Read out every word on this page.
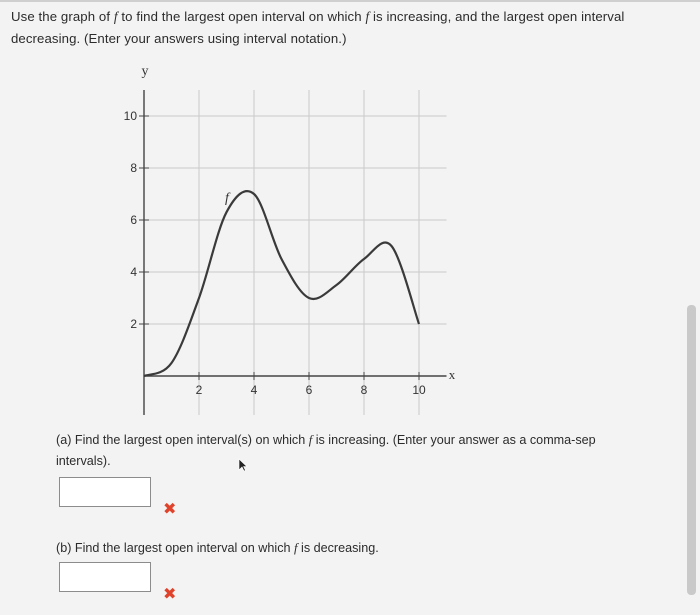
Use the graph of f to find the largest open interval on which f is increasing, and the largest open interval
decreasing. (Enter your answers using interval notation.)
y
x
2
4
6
8
10
2	4	6	8	10
f
(a) Find the largest open interval(s) on which f is increasing. (Enter your answer as a comma-sep
intervals).
✖
(b) Find the largest open interval on which f is decreasing.
✖
